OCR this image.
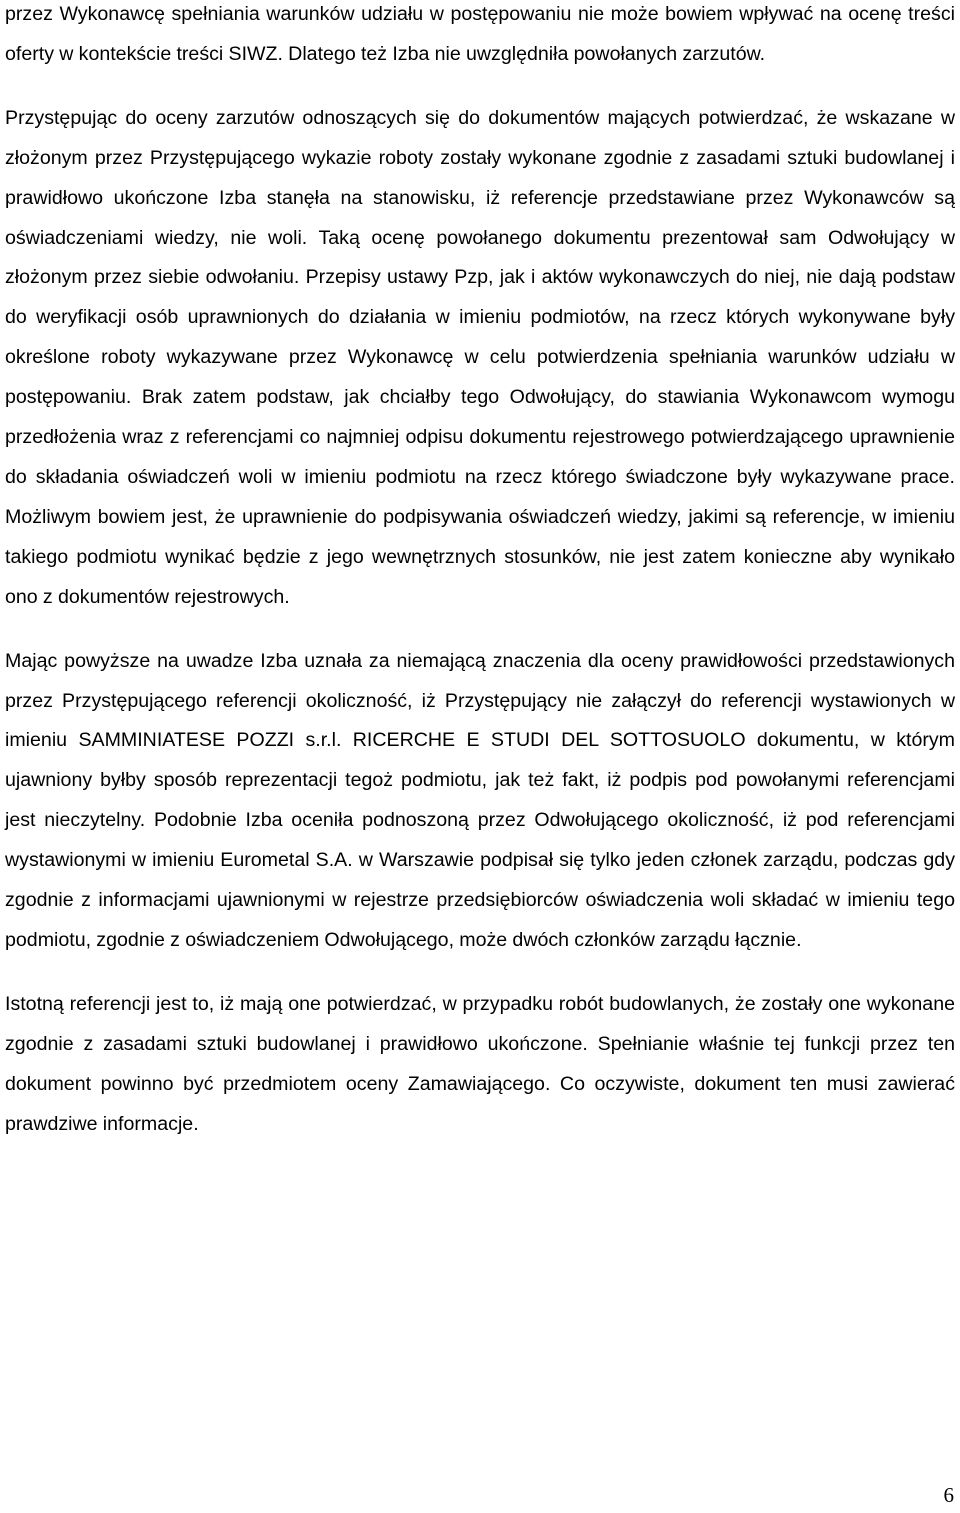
przez Wykonawcę spełniania warunków udziału w postępowaniu nie może bowiem wpływać na ocenę treści oferty w kontekście treści SIWZ. Dlatego też Izba nie uwzględniła powołanych zarzutów.

Przystępując do oceny zarzutów odnoszących się do dokumentów mających potwierdzać, że wskazane w złożonym przez Przystępującego wykazie roboty zostały wykonane zgodnie z zasadami sztuki budowlanej i prawidłowo ukończone Izba stanęła na stanowisku, iż referencje przedstawiane przez Wykonawców są oświadczeniami wiedzy, nie woli. Taką ocenę powołanego dokumentu prezentował sam Odwołujący w złożonym przez siebie odwołaniu. Przepisy ustawy Pzp, jak i aktów wykonawczych do niej, nie dają podstaw do weryfikacji osób uprawnionych do działania w imieniu podmiotów, na rzecz których wykonywane były określone roboty wykazywane przez Wykonawcę w celu potwierdzenia spełniania warunków udziału w postępowaniu. Brak zatem podstaw, jak chciałby tego Odwołujący, do stawiania Wykonawcom wymogu przedłożenia wraz z referencjami co najmniej odpisu dokumentu rejestrowego potwierdzającego uprawnienie do składania oświadczeń woli w imieniu podmiotu na rzecz którego świadczone były wykazywane prace. Możliwym bowiem jest, że uprawnienie do podpisywania oświadczeń wiedzy, jakimi są referencje, w imieniu takiego podmiotu wynikać będzie z jego wewnętrznych stosunków, nie jest zatem konieczne aby wynikało ono z dokumentów rejestrowych.

Mając powyższe na uwadze Izba uznała za niemającą znaczenia dla oceny prawidłowości przedstawionych przez Przystępującego referencji okoliczność, iż Przystępujący nie załączył do referencji wystawionych w imieniu SAMMINIATESE POZZI s.r.l. RICERCHE E STUDI DEL SOTTOSUOLO dokumentu, w którym ujawniony byłby sposób reprezentacji tegoż podmiotu, jak też fakt, iż podpis pod powołanymi referencjami jest nieczytelny. Podobnie Izba oceniła podnoszoną przez Odwołującego okoliczność, iż pod referencjami wystawionymi w imieniu Eurometal S.A. w Warszawie podpisał się tylko jeden członek zarządu, podczas gdy zgodnie z informacjami ujawnionymi w rejestrze przedsiębiorców oświadczenia woli składać w imieniu tego podmiotu, zgodnie z oświadczeniem Odwołującego, może dwóch członków zarządu łącznie.

Istotną referencji jest to, iż mają one potwierdzać, w przypadku robót budowlanych, że zostały one wykonane zgodnie z zasadami sztuki budowlanej i prawidłowo ukończone. Spełnianie właśnie tej funkcji przez ten dokument powinno być przedmiotem oceny Zamawiającego. Co oczywiste, dokument ten musi zawierać prawdziwe informacje.

6
